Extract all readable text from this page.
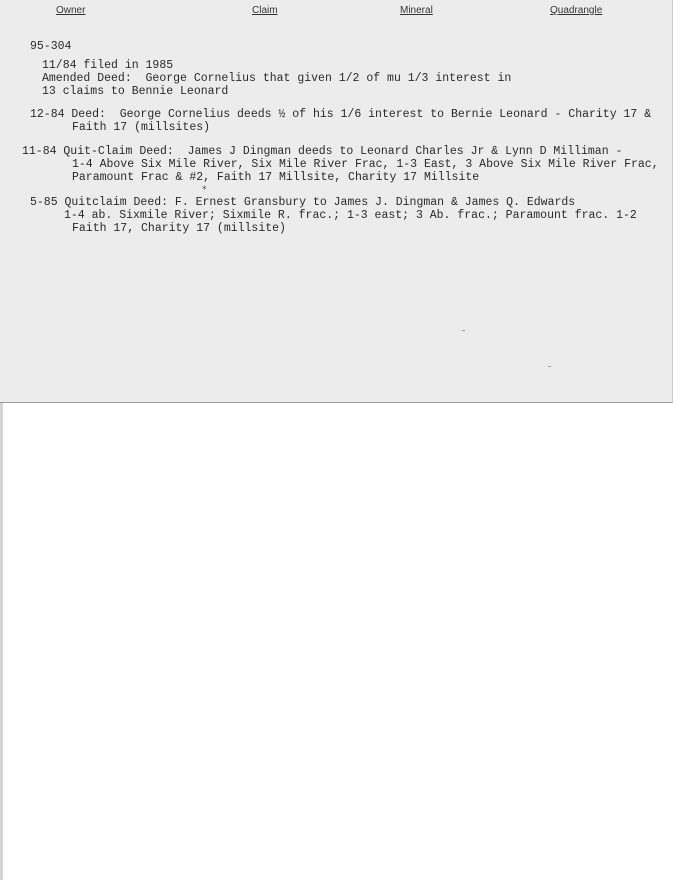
Owner	Claim	Mineral	Quadrangle
95-304
11/84 filed in 1985
Amended Deed:  George Cornelius that given 1/2 of mu 1/3 interest in
13 claims to Bennie Leonard
12-84 Deed:  George Cornelius deeds ½ of his 1/6 interest to Bernie Leonard - Charity 17 &
Faith 17 (millsites)
11-84 Quit-Claim Deed:  James J Dingman deeds to Leonard Charles Jr & Lynn D Milliman -
1-4 Above Six Mile River, Six Mile River Frac, 1-3 East, 3 Above Six Mile River Frac,
Paramount Frac & #2, Faith 17 Millsite, Charity 17 Millsite
*
5-85 Quitclaim Deed: F. Ernest Gransbury to James J. Dingman & James Q. Edwards
1-4 ab. Sixmile River; Sixmile R. frac.; 1-3 east; 3 Ab. frac.; Paramount frac. 1-2
Faith 17, Charity 17 (millsite)
